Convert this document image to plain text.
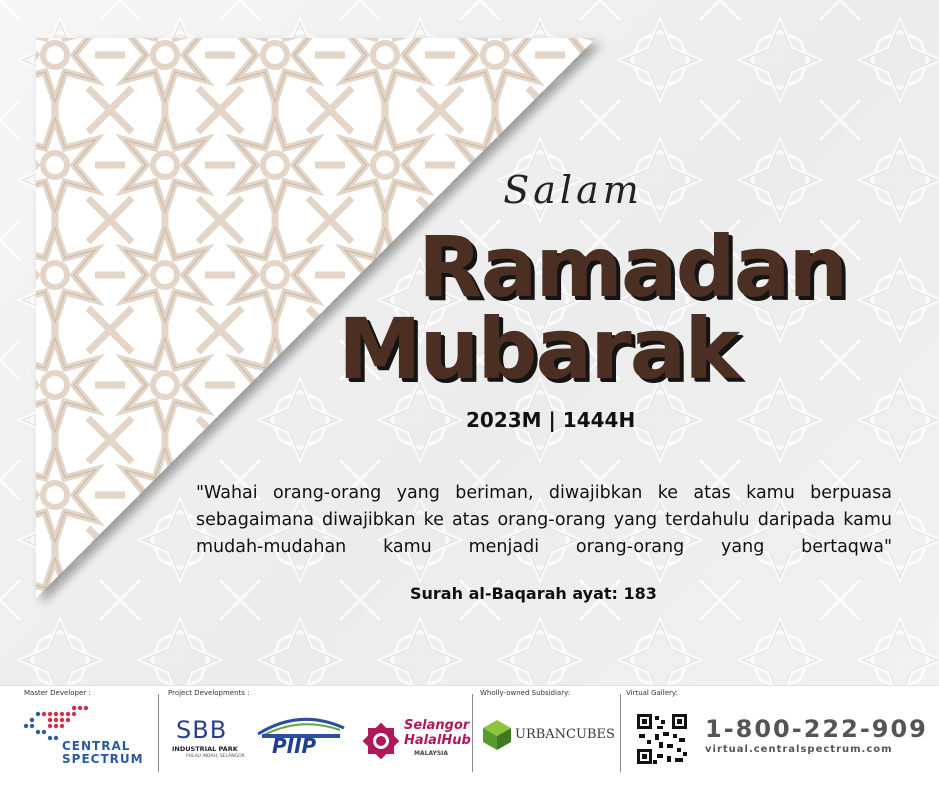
Salam
Ramadan
Mubarak
2023M | 1444H
"Wahai orang-orang yang beriman, diwajibkan ke atas kamu berpuasa sebagaimana diwajibkan ke atas orang-orang yang terdahulu daripada kamu mudah-mudahan kamu menjadi orang-orang yang bertaqwa"
Surah al-Baqarah ayat: 183
Master Developer :	Project Developments :	Wholly-owned Subsidiary:	Virtual Gallery:
CENTRAL
SPECTRUM
SBB
INDUSTRIAL PARK
PULAU INDAH, SELANGOR PIIP
Selangor
HalalHub
MALAYSIA
URBANCUBES	1-800-222-909
virtual.centralspectrum.com
